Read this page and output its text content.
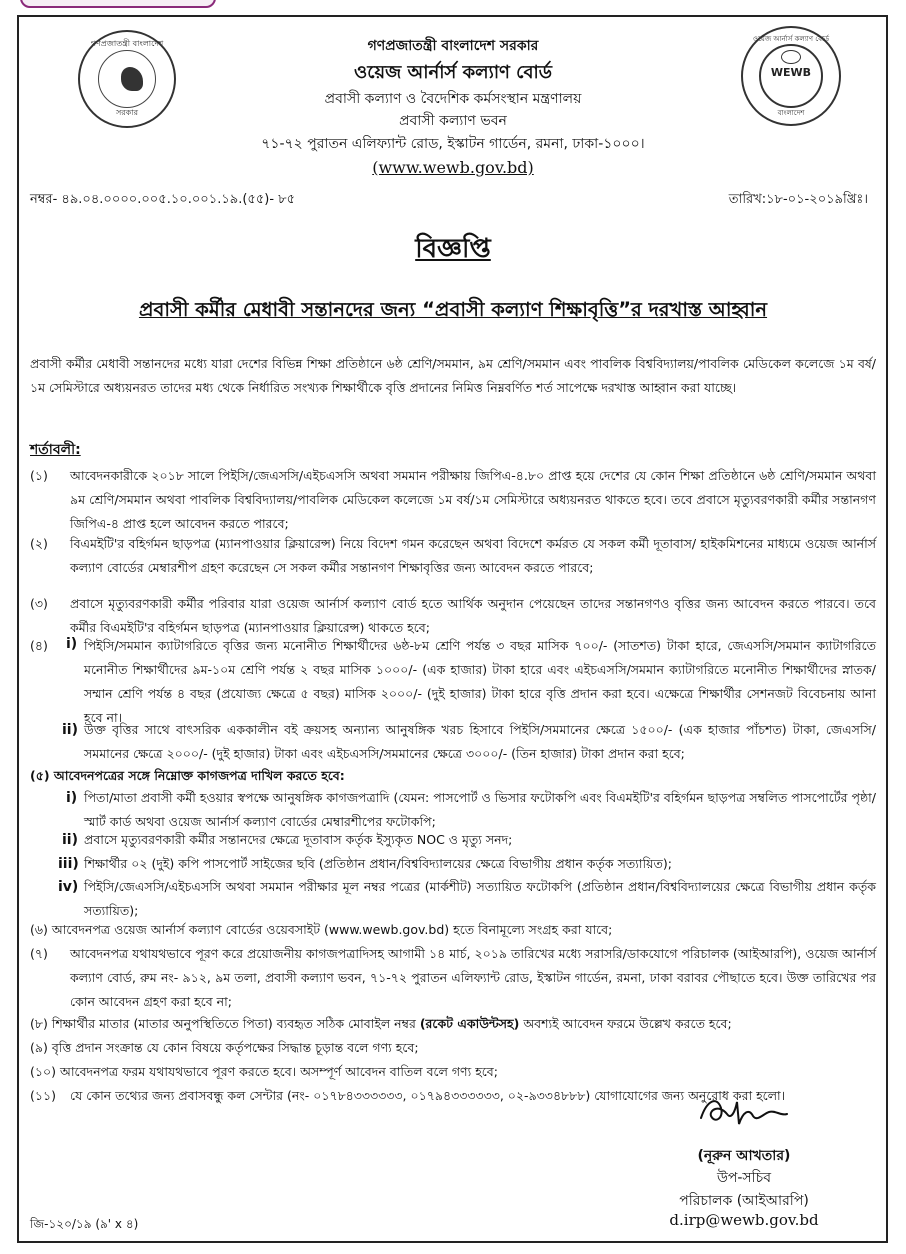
গণপ্রজাতন্ত্রী বাংলাদেশ
সরকার
ওয়েজ আর্নার্স কল্যাণ বোর্ড
WEWB
বাংলাদেশ
গণপ্রজাতন্ত্রী বাংলাদেশ সরকার
ওয়েজ আর্নার্স কল্যাণ বোর্ড
প্রবাসী কল্যাণ ও বৈদেশিক কর্মসংস্থান মন্ত্রণালয়
প্রবাসী কল্যাণ ভবন
৭১-৭২ পুরাতন এলিফ্যান্ট রোড, ইস্কাটন গার্ডেন, রমনা, ঢাকা-১০০০।
(www.wewb.gov.bd)
নম্বর- ৪৯.০৪.০০০০.০০৫.১০.০০১.১৯.(৫৫)- ৮৫	তারিখ:১৮-০১-২০১৯খ্রিঃ।
বিজ্ঞপ্তি
প্রবাসী কর্মীর মেধাবী সন্তানদের জন্য “প্রবাসী কল্যাণ শিক্ষাবৃত্তি”র দরখাস্ত আহ্বান
প্রবাসী কর্মীর মেধাবী সন্তানদের মধ্যে যারা দেশের বিভিন্ন শিক্ষা প্রতিষ্ঠানে ৬ষ্ঠ শ্রেণি/সমমান, ৯ম শ্রেণি/সমমান এবং পাবলিক বিশ্ববিদ্যালয়/পাবলিক মেডিকেল কলেজে ১ম বর্ষ/১ম সেমিস্টারে অধ্যয়নরত তাদের মধ্য থেকে নির্ধারিত সংখ্যক শিক্ষার্থীকে বৃত্তি প্রদানের নিমিত্ত নিম্নবর্ণিত শর্ত সাপেক্ষে দরখাস্ত আহ্বান করা যাচ্ছে।
শর্তাবলী:
(১) আবেদনকারীকে ২০১৮ সালে পিইসি/জেএসসি/এইচএসসি অথবা সমমান পরীক্ষায় জিপিএ-৪.৮০ প্রাপ্ত হয়ে দেশের যে কোন শিক্ষা প্রতিষ্ঠানে ৬ষ্ঠ শ্রেণি/সমমান অথবা ৯ম শ্রেণি/সমমান অথবা পাবলিক বিশ্ববিদ্যালয়/পাবলিক মেডিকেল কলেজে ১ম বর্ষ/১ম সেমিস্টারে অধ্যয়নরত থাকতে হবে। তবে প্রবাসে মৃত্যুবরণকারী কর্মীর সন্তানগণ জিপিএ-৪ প্রাপ্ত হলে আবেদন করতে পারবে;
(২) বিএমইটি'র বহির্গমন ছাড়পত্র (ম্যানপাওয়ার ক্লিয়ারেন্স) নিয়ে বিদেশ গমন করেছেন অথবা বিদেশে কর্মরত যে সকল কর্মী দূতাবাস/ হাইকমিশনের মাধ্যমে ওয়েজ আর্নার্স কল্যাণ বোর্ডের মেম্বারশীপ গ্রহণ করেছেন সে সকল কর্মীর সন্তানগণ শিক্ষাবৃত্তির জন্য আবেদন করতে পারবে;
(৩) প্রবাসে মৃত্যুবরণকারী কর্মীর পরিবার যারা ওয়েজ আর্নার্স কল্যাণ বোর্ড হতে আর্থিক অনুদান পেয়েছেন তাদের সন্তানগণও বৃত্তির জন্য আবেদন করতে পারবে। তবে কর্মীর বিএমইটি'র বহির্গমন ছাড়পত্র (ম্যানপাওয়ার ক্লিয়ারেন্স) থাকতে হবে;
(৪) i) পিইসি/সমমান ক্যাটাগরিতে বৃত্তির জন্য মনোনীত শিক্ষার্থীদের ৬ষ্ঠ-৮ম শ্রেণি পর্যন্ত ৩ বছর মাসিক ৭০০/- (সাতশত) টাকা হারে, জেএসসি/সমমান ক্যাটাগরিতে মনোনীত শিক্ষার্থীদের ৯ম-১০ম শ্রেণি পর্যন্ত ২ বছর মাসিক ১০০০/- (এক হাজার) টাকা হারে এবং এইচএসসি/সমমান ক্যাটাগরিতে মনোনীত শিক্ষার্থীদের স্নাতক/সম্মান শ্রেণি পর্যন্ত ৪ বছর (প্রযোজ্য ক্ষেত্রে ৫ বছর) মাসিক ২০০০/- (দুই হাজার) টাকা হারে বৃত্তি প্রদান করা হবে। এক্ষেত্রে শিক্ষার্থীর সেশনজট বিবেচনায় আনা হবে না।
ii) উক্ত বৃত্তির সাথে বাৎসরিক এককালীন বই ক্রয়সহ অন্যান্য আনুষঙ্গিক খরচ হিসাবে পিইসি/সমমানের ক্ষেত্রে ১৫০০/- (এক হাজার পাঁচশত) টাকা, জেএসসি/সমমানের ক্ষেত্রে ২০০০/- (দুই হাজার) টাকা এবং এইচএসসি/সমমানের ক্ষেত্রে ৩০০০/- (তিন হাজার) টাকা প্রদান করা হবে;
(৫) আবেদনপত্রের সঙ্গে নিম্নোক্ত কাগজপত্র দাখিল করতে হবে:
i) পিতা/মাতা প্রবাসী কর্মী হওয়ার স্বপক্ষে আনুষঙ্গিক কাগজপত্রাদি (যেমন: পাসপোর্ট ও ভিসার ফটোকপি এবং বিএমইটি'র বহির্গমন ছাড়পত্র সম্বলিত পাসপোর্টের পৃষ্ঠা/স্মার্ট কার্ড অথবা ওয়েজ আর্নার্স কল্যাণ বোর্ডের মেম্বারশীপের ফটোকপি;
ii) প্রবাসে মৃত্যুবরণকারী কর্মীর সন্তানদের ক্ষেত্রে দূতাবাস কর্তৃক ইস্যুকৃত NOC ও মৃত্যু সনদ;
iii) শিক্ষার্থীর ০২ (দুই) কপি পাসপোর্ট সাইজের ছবি (প্রতিষ্ঠান প্রধান/বিশ্ববিদ্যালয়ের ক্ষেত্রে বিভাগীয় প্রধান কর্তৃক সত্যায়িত);
iv) পিইসি/জেএসসি/এইচএসসি অথবা সমমান পরীক্ষার মূল নম্বর পত্রের (মার্কশীট) সত্যায়িত ফটোকপি (প্রতিষ্ঠান প্রধান/বিশ্ববিদ্যালয়ের ক্ষেত্রে বিভাগীয় প্রধান কর্তৃক সত্যায়িত);
(৬) আবেদনপত্র ওয়েজ আর্নার্স কল্যাণ বোর্ডের ওয়েবসাইট (www.wewb.gov.bd) হতে বিনামূল্যে সংগ্রহ করা যাবে;
(৭) আবেদনপত্র যথাযথভাবে পূরণ করে প্রয়োজনীয় কাগজপত্রাদিসহ আগামী ১৪ মার্চ, ২০১৯ তারিখের মধ্যে সরাসরি/ডাকযোগে পরিচালক (আইআরপি), ওয়েজ আর্নার্স কল্যাণ বোর্ড, রুম নং- ৯১২, ৯ম তলা, প্রবাসী কল্যাণ ভবন, ৭১-৭২ পুরাতন এলিফ্যান্ট রোড, ইস্কাটন গার্ডেন, রমনা, ঢাকা বরাবর পৌছাতে হবে। উক্ত তারিখের পর কোন আবেদন গ্রহণ করা হবে না;
(৮) শিক্ষার্থীর মাতার (মাতার অনুপস্থিতিতে পিতা) ব্যবহৃত সঠিক মোবাইল নম্বর (রকেট একাউন্টসহ) অবশ্যই আবেদন ফরমে উল্লেখ করতে হবে;
(৯) বৃত্তি প্রদান সংক্রান্ত যে কোন বিষয়ে কর্তৃপক্ষের সিদ্ধান্ত চূড়ান্ত বলে গণ্য হবে;
(১০) আবেদনপত্র ফরম যথাযথভাবে পূরণ করতে হবে। অসম্পূর্ণ আবেদন বাতিল বলে গণ্য হবে;
(১১) যে কোন তথ্যের জন্য প্রবাসবন্ধু কল সেন্টার (নং- ০১৭৮৪৩৩৩৩৩৩, ০১৭৯৪৩৩৩৩৩৩, ০২-৯৩৩৪৮৮৮) যোগাযোগের জন্য অনুরোধ করা হলো।
(নূরুন আখতার)
উপ-সচিব
পরিচালক (আইআরপি)
d.irp@wewb.gov.bd
জি-১২০/১৯ (৯' x ৪)
